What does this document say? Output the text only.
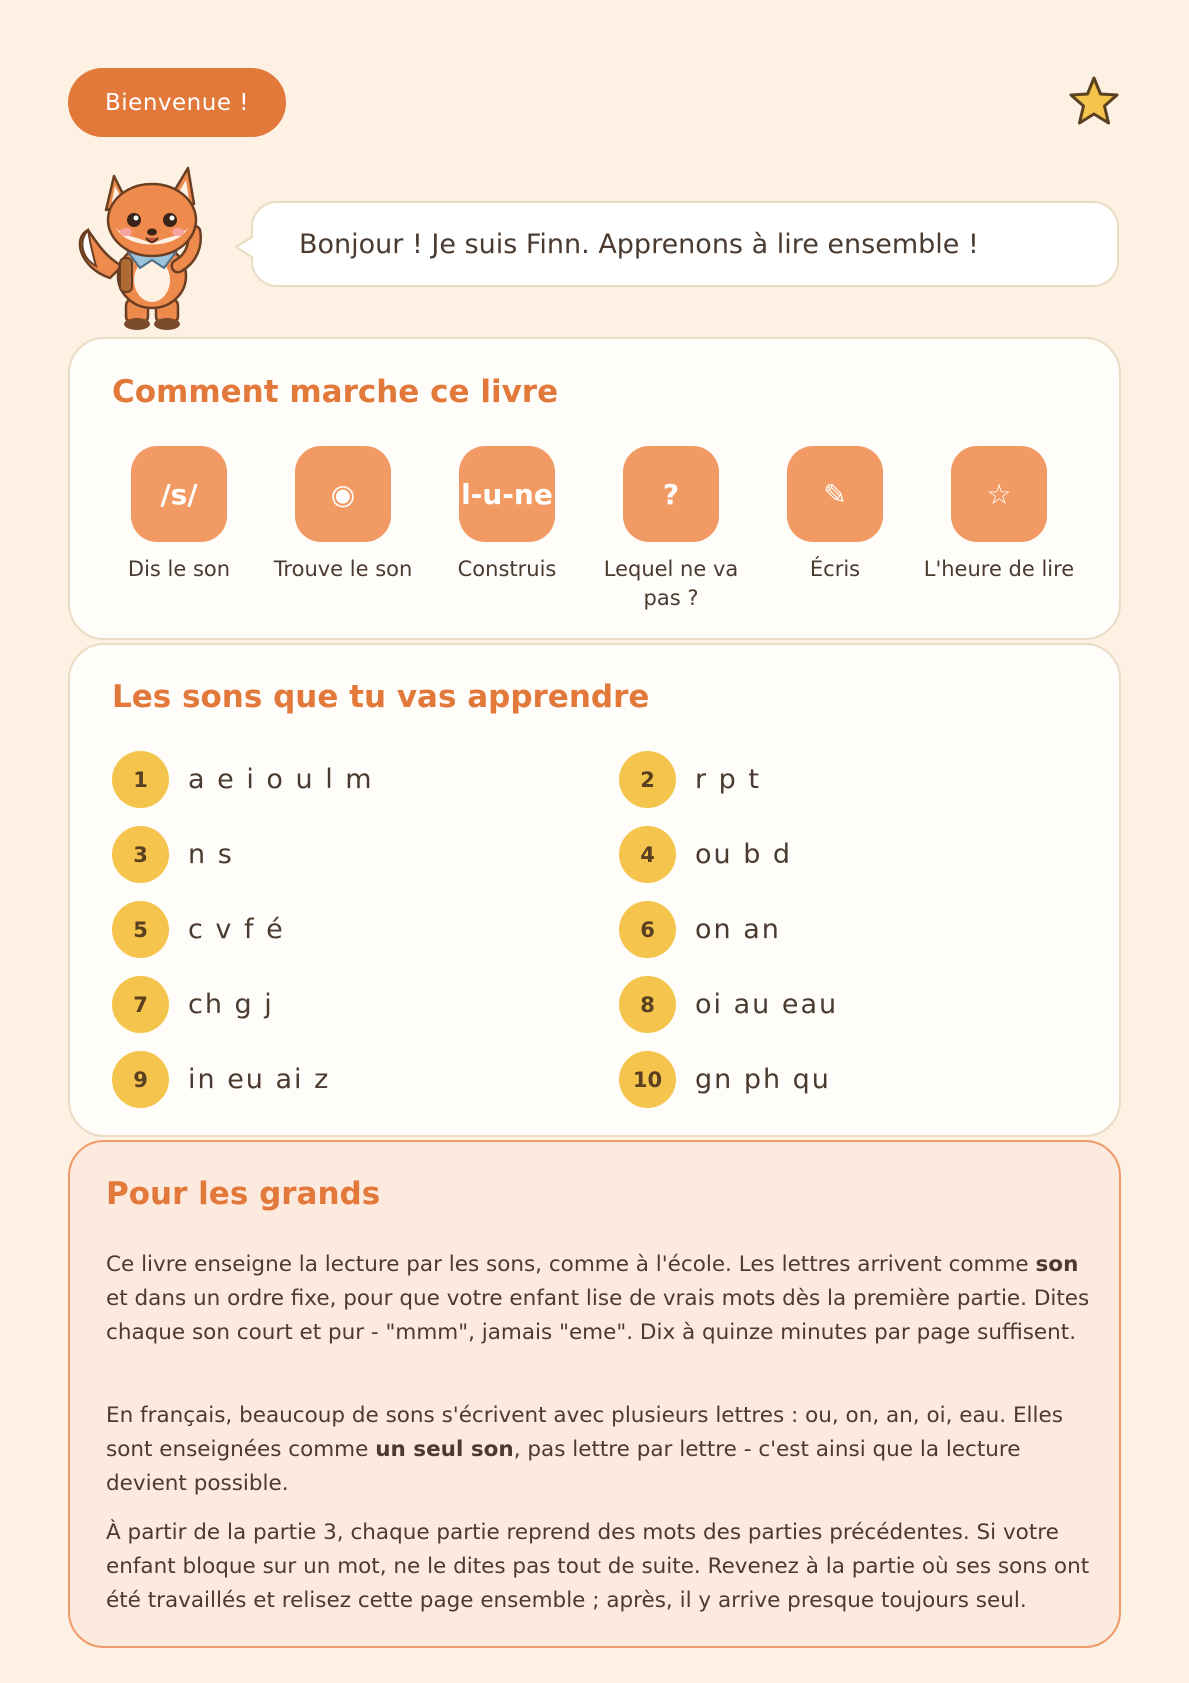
Bienvenue !
Bonjour ! Je suis Finn. Apprenons à lire ensemble !
Comment marche ce livre
/s/
Dis le son
◉
Trouve le son
l-u-ne
Construis
?
Lequel ne va pas ?
✎
Écris
☆
L'heure de lire
Les sons que tu vas apprendre
1	a e i o u l m	2	r p t
3	n s	4	ou b d
5	c v f é	6	on an
7	ch g j	8	oi au eau
9	in eu ai z	10	gn ph qu
Pour les grands

Ce livre enseigne la lecture par les sons, comme à l'école. Les lettres arrivent comme son et dans un ordre fixe, pour que votre enfant lise de vrais mots dès la première partie. Dites chaque son court et pur - "mmm", jamais "eme". Dix à quinze minutes par page suffisent.

En français, beaucoup de sons s'écrivent avec plusieurs lettres : ou, on, an, oi, eau. Elles sont enseignées comme un seul son, pas lettre par lettre - c'est ainsi que la lecture devient possible.

À partir de la partie 3, chaque partie reprend des mots des parties précédentes. Si votre enfant bloque sur un mot, ne le dites pas tout de suite. Revenez à la partie où ses sons ont été travaillés et relisez cette page ensemble ; après, il y arrive presque toujours seul.
